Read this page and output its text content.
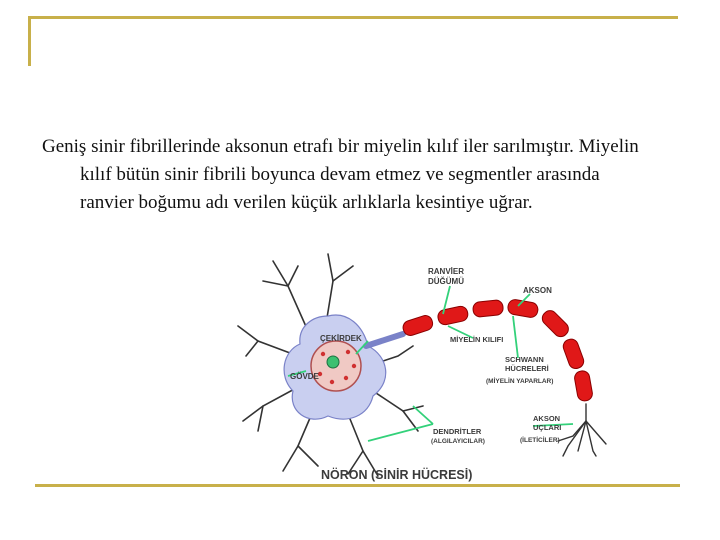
Geniş sinir fibrillerinde aksonun etrafı bir miyelin kılıf iler sarılmıştır. Miyelin kılıf bütün sinir fibrili boyunca devam etmez ve segmentler arasında ranvier boğumu adı verilen küçük arlıklarla kesintiye uğrar.

RANVİER
DÜĞÜMÜ
AKSON
ÇEKİRDEK	MİYELİN KILIFI
SCHWANN
HÜCRELERİ
(MİYELİN YAPARLAR)
GÖVDE
DENDRİTLER
(ALGILAYICILAR)
AKSON
UÇLARI
(İLETİCİLER)
NÖRON (SİNİR HÜCRESİ)
